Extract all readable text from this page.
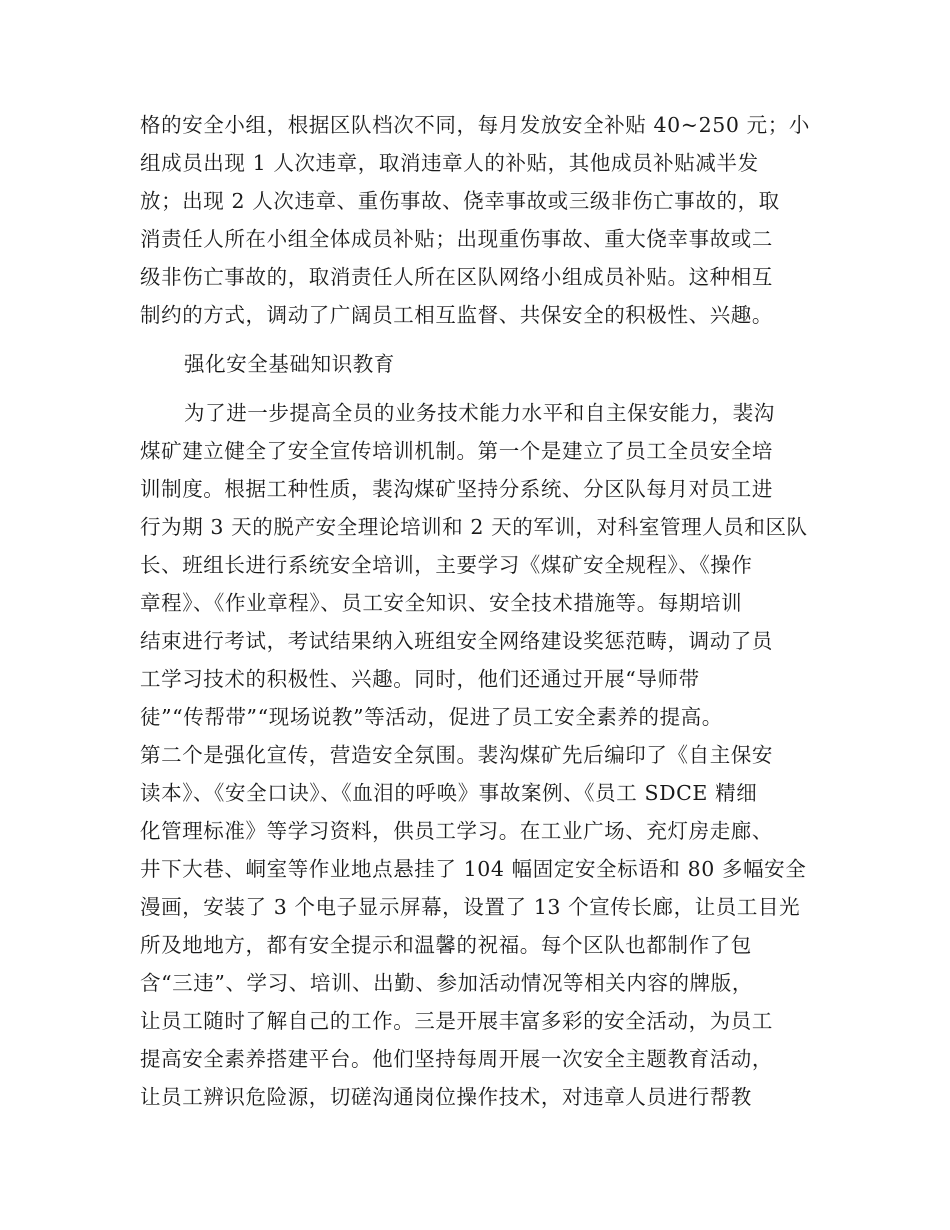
格的安全小组，根据区队档次不同，每月发放安全补贴 40~250 元；小
组成员出现 1 人次违章，取消违章人的补贴，其他成员补贴减半发
放；出现 2 人次违章、重伤事故、侥幸事故或三级非伤亡事故的，取
消责任人所在小组全体成员补贴；出现重伤事故、重大侥幸事故或二
级非伤亡事故的，取消责任人所在区队网络小组成员补贴。这种相互
制约的方式，调动了广阔员工相互监督、共保安全的积极性、兴趣。
强化安全基础知识教育
为了进一步提高全员的业务技术能力水平和自主保安能力，裴沟
煤矿建立健全了安全宣传培训机制。第一个是建立了员工全员安全培
训制度。根据工种性质，裴沟煤矿坚持分系统、分区队每月对员工进
行为期 3 天的脱产安全理论培训和 2 天的军训，对科室管理人员和区队
长、班组长进行系统安全培训，主要学习《煤矿安全规程》、《操作
章程》、《作业章程》、员工安全知识、安全技术措施等。每期培训
结束进行考试，考试结果纳入班组安全网络建设奖惩范畴，调动了员
工学习技术的积极性、兴趣。同时，他们还通过开展“导师带
徒”“传帮带”“现场说教”等活动，促进了员工安全素养的提高。
第二个是强化宣传，营造安全氛围。裴沟煤矿先后编印了《自主保安
读本》、《安全口诀》、《血泪的呼唤》事故案例、《员工 SDCE 精细
化管理标准》等学习资料，供员工学习。在工业广场、充灯房走廊、
井下大巷、峒室等作业地点悬挂了 104 幅固定安全标语和 80 多幅安全
漫画，安装了 3 个电子显示屏幕，设置了 13 个宣传长廊，让员工目光
所及地地方，都有安全提示和温馨的祝福。每个区队也都制作了包
含“三违”、学习、培训、出勤、参加活动情况等相关内容的牌版，
让员工随时了解自己的工作。三是开展丰富多彩的安全活动，为员工
提高安全素养搭建平台。他们坚持每周开展一次安全主题教育活动，
让员工辨识危险源，切磋沟通岗位操作技术，对违章人员进行帮教
